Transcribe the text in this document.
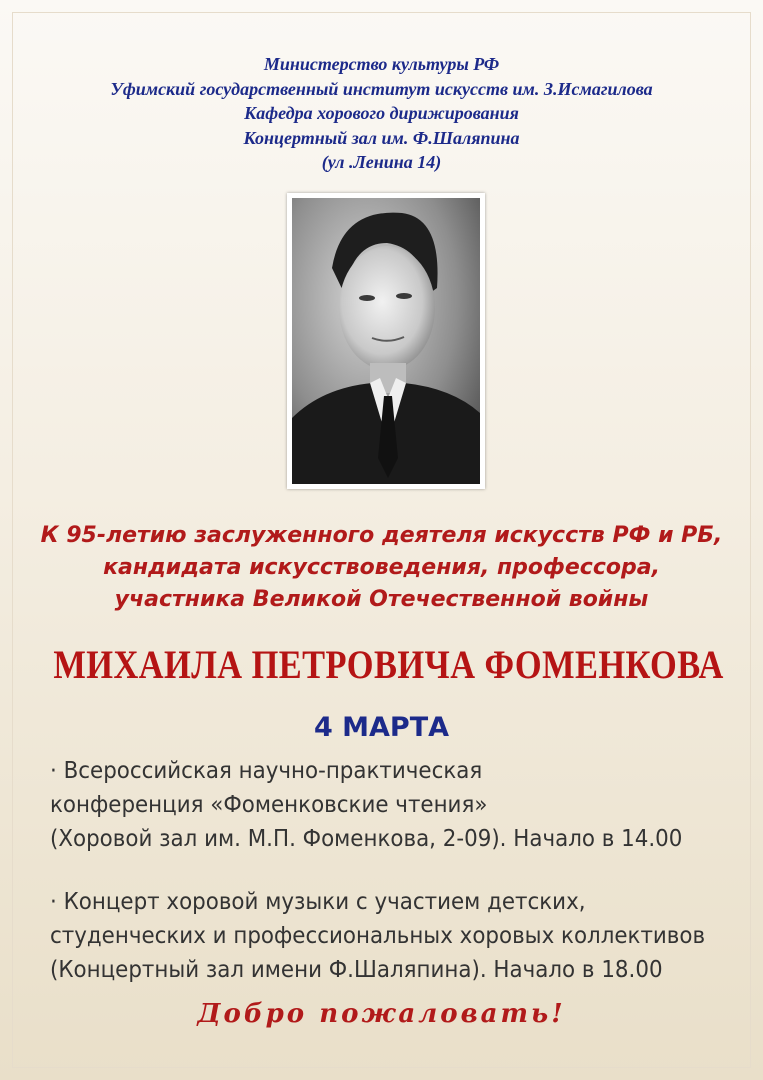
Министерство культуры РФ
Уфимский государственный институт искусств им. З.Исмагилова
Кафедра хорового дирижирования
Концертный зал им. Ф.Шаляпина
(ул .Ленина 14)
К 95-летию заслуженного деятеля искусств РФ и РБ,
кандидата искусствоведения, профессора,
участника Великой Отечественной войны
МИХАИЛА ПЕТРОВИЧА ФОМЕНКОВА
4 МАРТА
· Всероссийская научно-практическая
конференция «Фоменковские чтения»
(Хоровой зал им. М.П. Фоменкова, 2-09). Начало в 14.00
· Концерт хоровой музыки с участием детских,
студенческих и профессиональных хоровых коллективов
(Концертный зал имени Ф.Шаляпина). Начало в 18.00
Добро пожаловать!
